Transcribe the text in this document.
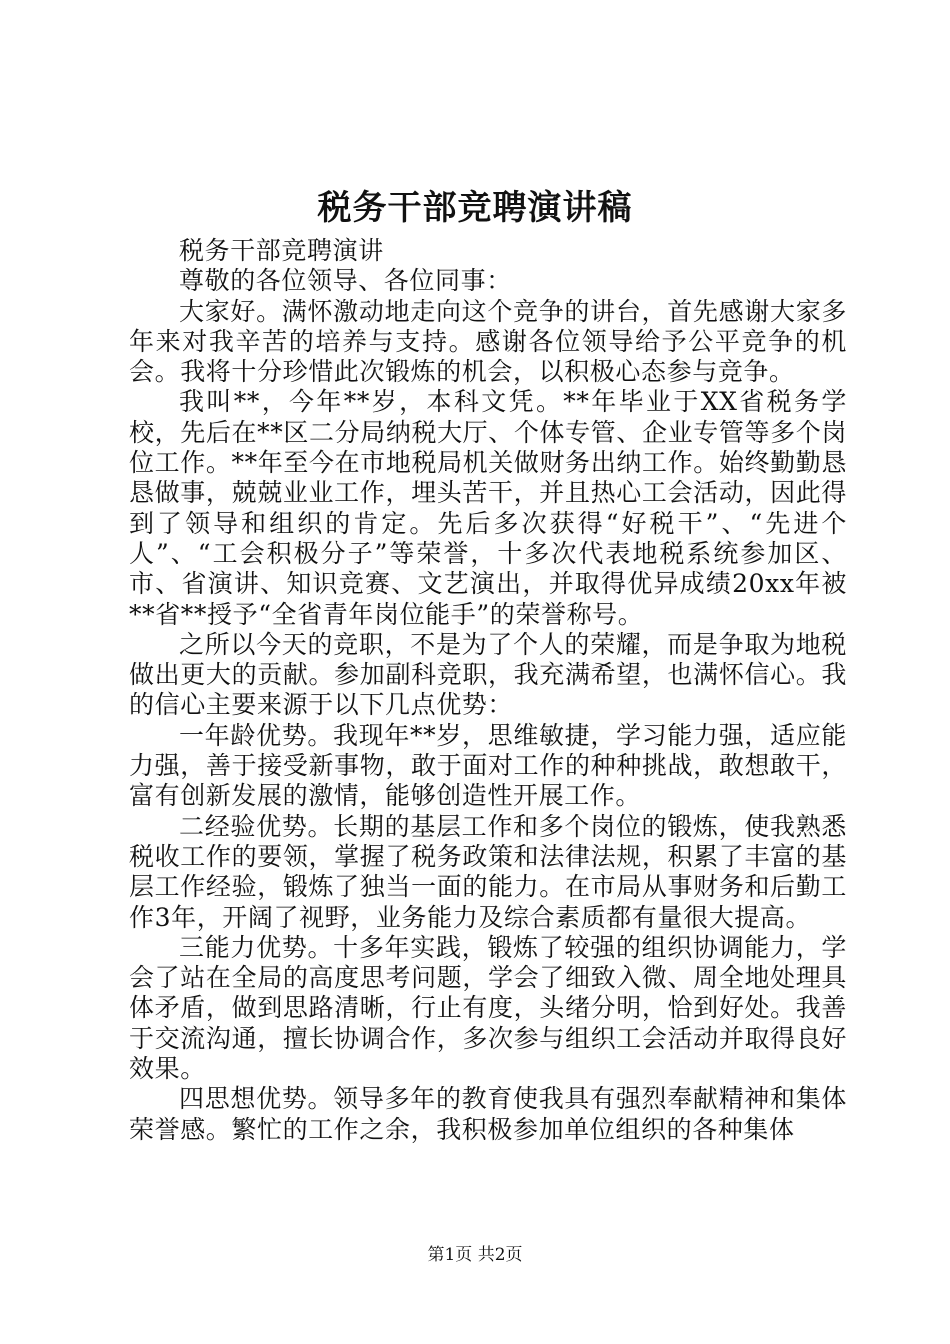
税务干部竞聘演讲稿

税务干部竞聘演讲

尊敬的各位领导、各位同事：

大家好。满怀激动地走向这个竞争的讲台，首先感谢大家多年来对我辛苦的培养与支持。感谢各位领导给予公平竞争的机会。我将十分珍惜此次锻炼的机会，以积极心态参与竞争。

我叫**，今年**岁，本科文凭。**年毕业于XX省税务学校，先后在**区二分局纳税大厅、个体专管、企业专管等多个岗位工作。**年至今在市地税局机关做财务出纳工作。始终勤勤恳恳做事，兢兢业业工作，埋头苦干，并且热心工会活动，因此得到了领导和组织的肯定。先后多次获得“好税干”、“先进个人”、“工会积极分子”等荣誉，十多次代表地税系统参加区、市、省演讲、知识竞赛、文艺演出，并取得优异成绩20xx年被**省**授予“全省青年岗位能手”的荣誉称号。

之所以今天的竞职，不是为了个人的荣耀，而是争取为地税做出更大的贡献。参加副科竞职，我充满希望，也满怀信心。我的信心主要来源于以下几点优势：

一年龄优势。我现年**岁，思维敏捷，学习能力强，适应能力强，善于接受新事物，敢于面对工作的种种挑战，敢想敢干，富有创新发展的激情，能够创造性开展工作。

二经验优势。长期的基层工作和多个岗位的锻炼，使我熟悉税收工作的要领，掌握了税务政策和法律法规，积累了丰富的基层工作经验，锻炼了独当一面的能力。在市局从事财务和后勤工作3年，开阔了视野，业务能力及综合素质都有量很大提高。

三能力优势。十多年实践，锻炼了较强的组织协调能力，学会了站在全局的高度思考问题，学会了细致入微、周全地处理具体矛盾，做到思路清晰，行止有度，头绪分明，恰到好处。我善于交流沟通，擅长协调合作，多次参与组织工会活动并取得良好效果。

四思想优势。领导多年的教育使我具有强烈奉献精神和集体荣誉感。繁忙的工作之余，我积极参加单位组织的各种集体

第1页 共2页
